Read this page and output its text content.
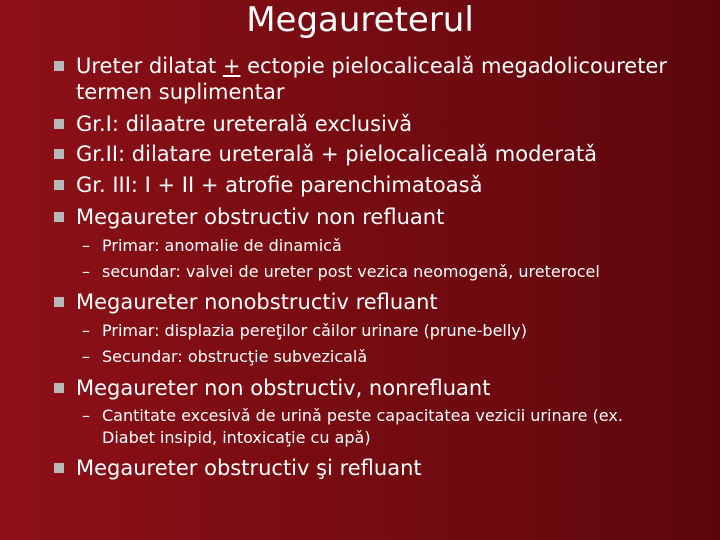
Megaureterul
Ureter dilatat + ectopie pielocalicealǎ megadolicoureter
termen suplimentar
Gr.I: dilaatre ureteralǎ exclusivǎ
Gr.II: dilatare ureteralǎ + pielocalicealǎ moderatǎ
Gr. III: I + II + atrofie parenchimatoasǎ
Megaureter obstructiv non refluant
– Primar: anomalie de dinamicǎ
– secundar: valvei de ureter post vezica neomogenǎ, ureterocel
Megaureter nonobstructiv refluant
– Primar: displazia pereţilor cǎilor urinare (prune-belly)
– Secundar: obstrucţie subvezicalǎ
Megaureter non obstructiv, nonrefluant
– Cantitate excesivǎ de urinǎ peste capacitatea vezicii urinare (ex.
Diabet insipid, intoxicaţie cu apǎ)
Megaureter obstructiv şi refluant
